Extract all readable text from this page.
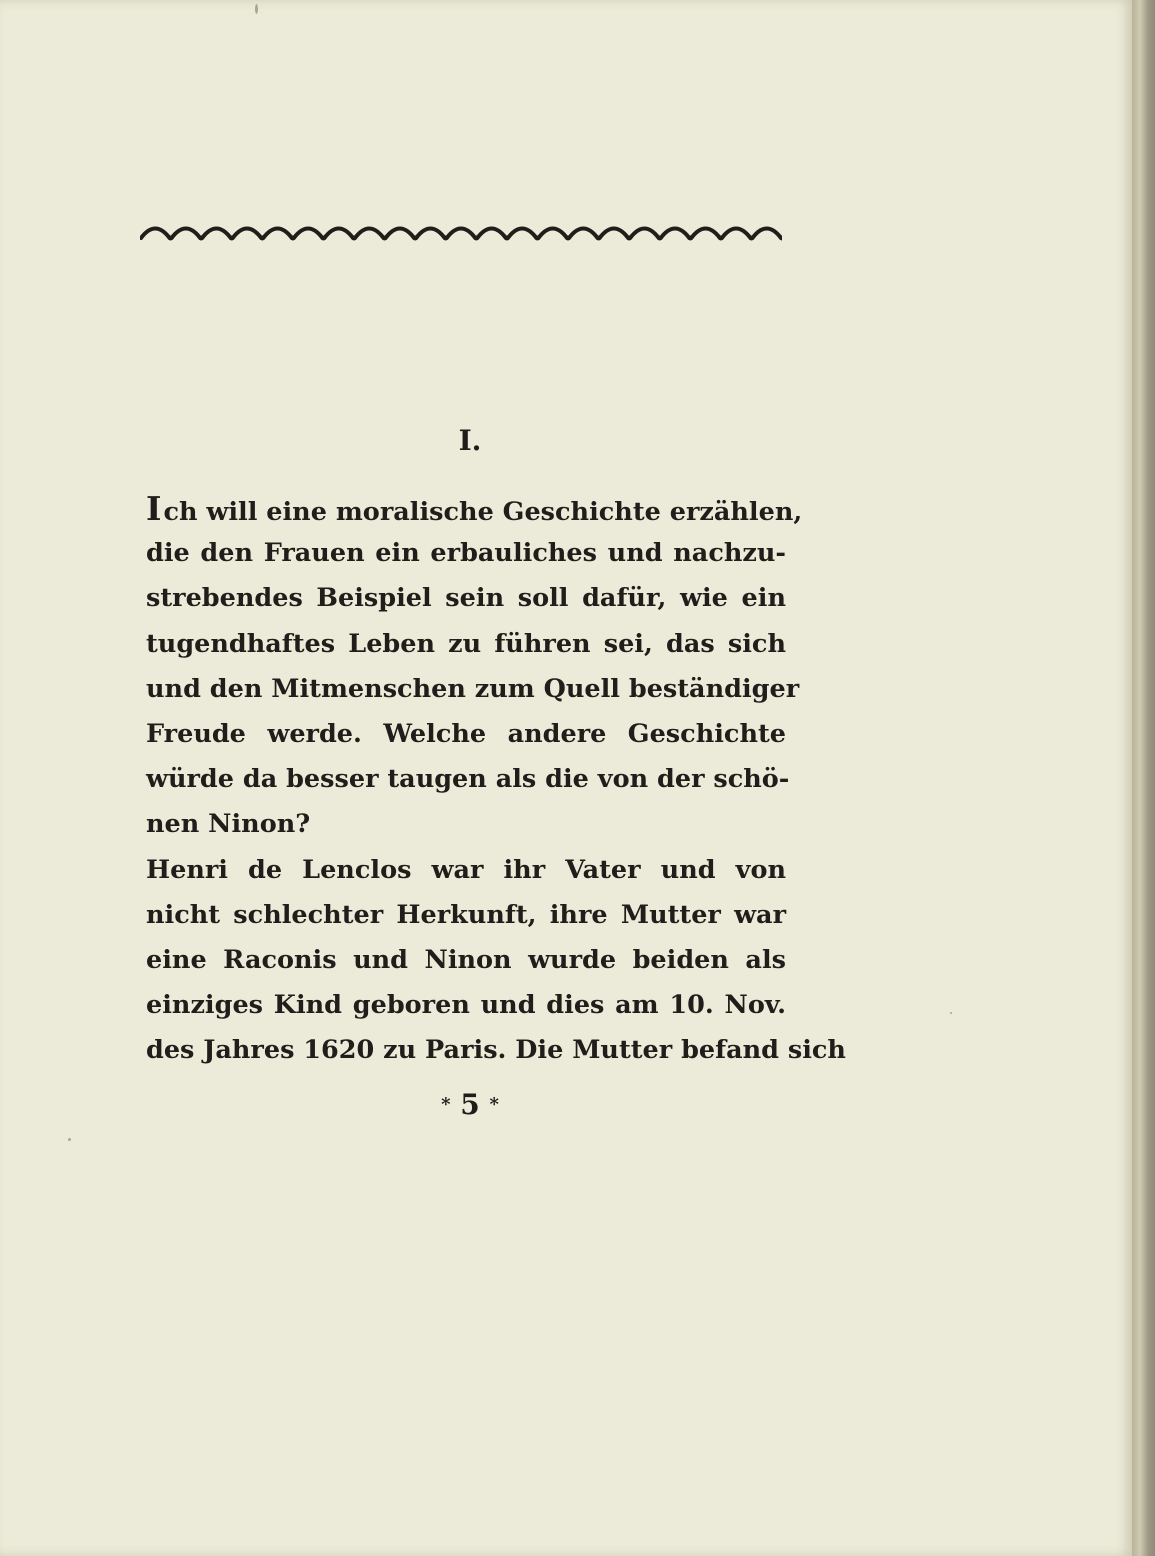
I.
Ich will eine moralische Geschichte erzählen,
die den Frauen ein erbauliches und nachzu-
strebendes Beispiel sein soll dafür, wie ein
tugendhaftes Leben zu führen sei, das sich
und den Mitmenschen zum Quell beständiger
Freude werde. Welche andere Geschichte
würde da besser taugen als die von der schö-
nen Ninon?
Henri de Lenclos war ihr Vater und von
nicht schlechter Herkunft, ihre Mutter war
eine Raconis und Ninon wurde beiden als
einziges Kind geboren und dies am 10. Nov.
des Jahres 1620 zu Paris. Die Mutter befand sich
* 5 *
